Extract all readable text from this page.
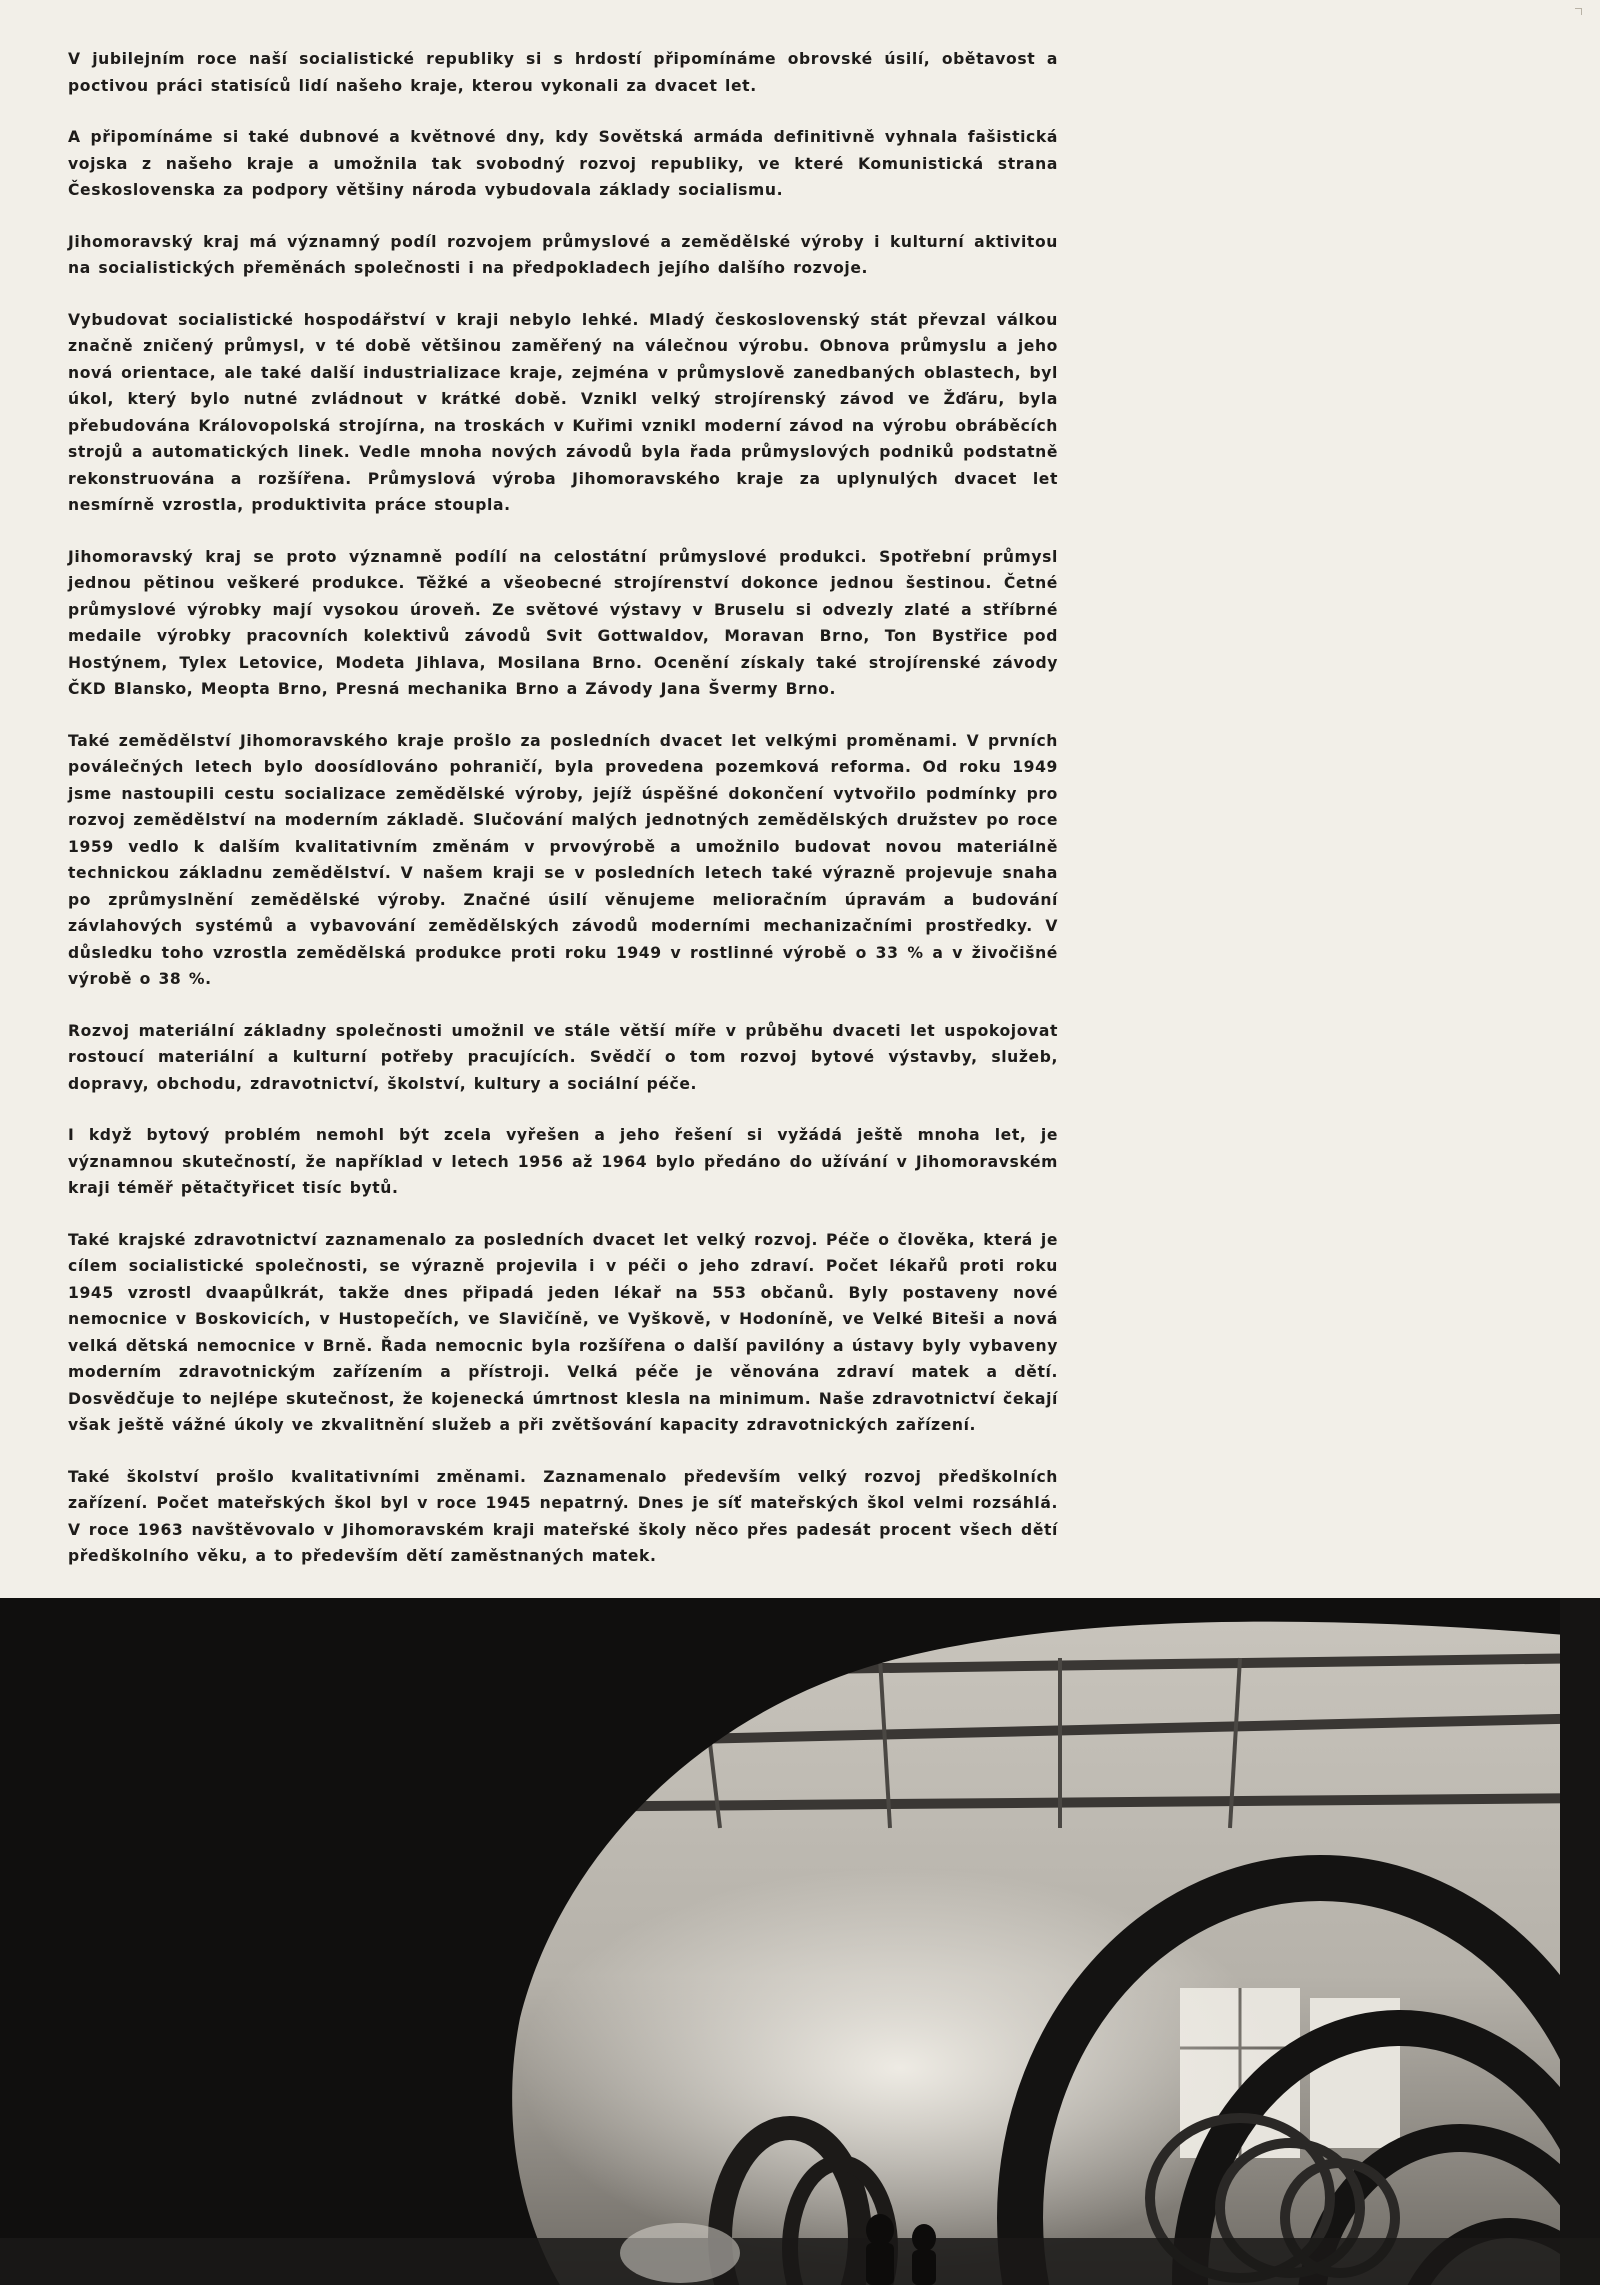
V jubilejním roce naší socialistické republiky si s hrdostí připomínáme obrovské úsilí, obětavost a poctivou práci statisíců lidí našeho kraje, kterou vykonali za dvacet let.

A připomínáme si také dubnové a květnové dny, kdy Sovětská armáda definitivně vyhnala fašistická vojska z našeho kraje a umožnila tak svobodný rozvoj republiky, ve které Komunistická strana Československa za podpory většiny národa vybudovala základy socialismu.

Jihomoravský kraj má významný podíl rozvojem průmyslové a zemědělské výroby i kulturní aktivitou na socialistických přeměnách společnosti i na předpokladech jejího dalšího rozvoje.

Vybudovat socialistické hospodářství v kraji nebylo lehké. Mladý československý stát převzal válkou značně zničený průmysl, v té době většinou zaměřený na válečnou výrobu. Obnova průmyslu a jeho nová orientace, ale také další industrializace kraje, zejména v průmyslově zanedbaných oblastech, byl úkol, který bylo nutné zvládnout v krátké době. Vznikl velký strojírenský závod ve Žďáru, byla přebudována Královopolská strojírna, na troskách v Kuřimi vznikl moderní závod na výrobu obráběcích strojů a automatických linek. Vedle mnoha nových závodů byla řada průmyslových podniků podstatně rekonstruována a rozšířena. Průmyslová výroba Jihomoravského kraje za uplynulých dvacet let nesmírně vzrostla, produktivita práce stoupla.

Jihomoravský kraj se proto významně podílí na celostátní průmyslové produkci. Spotřební průmysl jednou pětinou veškeré produkce. Těžké a všeobecné strojírenství dokonce jednou šestinou. Četné průmyslové výrobky mají vysokou úroveň. Ze světové výstavy v Bruselu si odvezly zlaté a stříbrné medaile výrobky pracovních kolektivů závodů Svit Gottwaldov, Moravan Brno, Ton Bystřice pod Hostýnem, Tylex Letovice, Modeta Jihlava, Mosilana Brno. Ocenění získaly také strojírenské závody ČKD Blansko, Meopta Brno, Presná mechanika Brno a Závody Jana Švermy Brno.

Také zemědělství Jihomoravského kraje prošlo za posledních dvacet let velkými proměnami. V prvních poválečných letech bylo doosídlováno pohraničí, byla provedena pozemková reforma. Od roku 1949 jsme nastoupili cestu socializace zemědělské výroby, jejíž úspěšné dokončení vytvořilo podmínky pro rozvoj zemědělství na moderním základě. Slučování malých jednotných zemědělských družstev po roce 1959 vedlo k dalším kvalitativním změnám v prvovýrobě a umožnilo budovat novou materiálně technickou základnu zemědělství. V našem kraji se v posledních letech také výrazně projevuje snaha po zprůmyslnění zemědělské výroby. Značné úsilí věnujeme melioračním úpravám a budování závlahových systémů a vybavování zemědělských závodů moderními mechanizačními prostředky. V důsledku toho vzrostla zemědělská produkce proti roku 1949 v rostlinné výrobě o 33 % a v živočišné výrobě o 38 %.

Rozvoj materiální základny společnosti umožnil ve stále větší míře v průběhu dvaceti let uspokojovat rostoucí materiální a kulturní potřeby pracujících. Svědčí o tom rozvoj bytové výstavby, služeb, dopravy, obchodu, zdravotnictví, školství, kultury a sociální péče.

I když bytový problém nemohl být zcela vyřešen a jeho řešení si vyžádá ještě mnoha let, je významnou skutečností, že například v letech 1956 až 1964 bylo předáno do užívání v Jihomoravském kraji téměř pětačtyřicet tisíc bytů.

Také krajské zdravotnictví zaznamenalo za posledních dvacet let velký rozvoj. Péče o člověka, která je cílem socialistické společnosti, se výrazně projevila i v péči o jeho zdraví. Počet lékařů proti roku 1945 vzrostl dvaapůlkrát, takže dnes připadá jeden lékař na 553 občanů. Byly postaveny nové nemocnice v Boskovicích, v Hustopečích, ve Slavičíně, ve Vyškově, v Hodoníně, ve Velké Biteši a nová velká dětská nemocnice v Brně. Řada nemocnic byla rozšířena o další pavilóny a ústavy byly vybaveny moderním zdravotnickým zařízením a přístroji. Velká péče je věnována zdraví matek a dětí. Dosvědčuje to nejlépe skutečnost, že kojenecká úmrtnost klesla na minimum. Naše zdravotnictví čekají však ještě vážné úkoly ve zkvalitnění služeb a při zvětšování kapacity zdravotnických zařízení.

Také školství prošlo kvalitativními změnami. Zaznamenalo především velký rozvoj předškolních zařízení. Počet mateřských škol byl v roce 1945 nepatrný. Dnes je síť mateřských škol velmi rozsáhlá. V roce 1963 navštěvovalo v Jihomoravském kraji mateřské školy něco přes padesát procent všech dětí předškolního věku, a to především dětí zaměstnaných matek.
